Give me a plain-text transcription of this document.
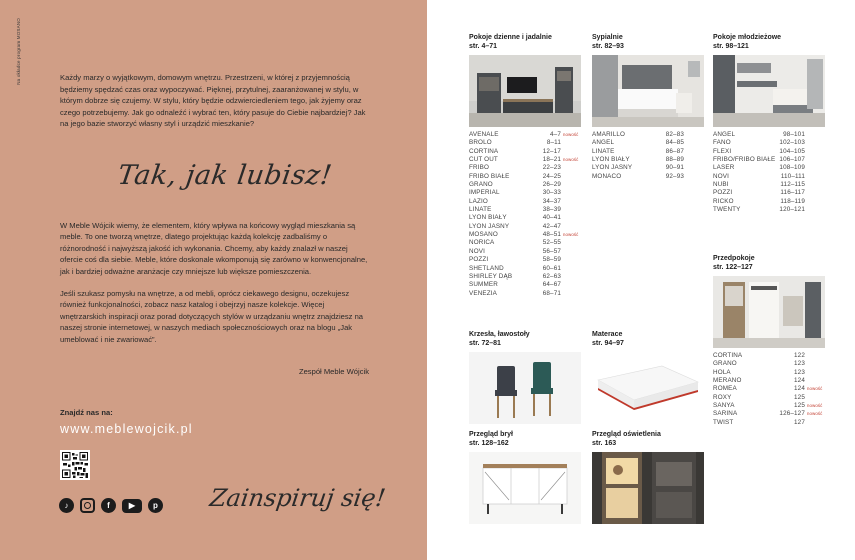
Na okładce program MOSANO	Każdy marzy o wyjątkowym, domowym wnętrzu. Przestrzeni, w której z przyjemnością będziemy spędzać czas oraz wypoczywać. Pięknej, przytulnej, zaaranżowanej w stylu, w którym dobrze się czujemy. W stylu, który będzie odzwierciedleniem tego, jak żyjemy oraz czego potrzebujemy. Jak go odnaleźć i wybrać ten, który pasuje do Ciebie najbardziej? Jak na jego bazie stworzyć własny styl i urządzić mieszkanie?

Tak, jak lubisz!

W Meble Wójcik wiemy, że elementem, który wpływa na końcowy wygląd mieszkania są meble. To one tworzą wnętrze, dlatego projektując każdą kolekcję zadbaliśmy o różnorodność i najwyższą jakość ich wykonania. Chcemy, aby każdy znalazł w naszej ofercie coś dla siebie. Meble, które doskonale wkomponują się zarówno w konwencjonalne, jak i bardziej odważne aranżacje czy mniejsze lub większe pomieszczenia.

Jeśli szukasz pomysłu na wnętrze, a od mebli, oprócz ciekawego designu, oczekujesz również funkcjonalności, zobacz nasz katalog i obejrzyj nasze kolekcje. Więcej wnętrzarskich inspiracji oraz porad dotyczących stylów w urządzaniu wnętrz znajdziesz na naszej stronie internetowej, w naszych mediach społecznościowych oraz na blogu „Jak umeblować i nie zwariować”.

Zespół Meble Wójcik
Znajdź nas na:
www.meblewojcik.pl
♪	f	▶	p Zainspiruj się!
Pokoje dzienne i jadalnie
str. 4–71
AVENALE	4–7 nowość
BROLO	8–11
CORTINA	12–17
CUT OUT	18–21 nowość
FRIBO	22–23
FRIBO BIAŁE	24–25
GRANO	26–29
IMPERIAL	30–33
LAZIO	34–37
LINATE	38–39
LYON BIAŁY	40–41
LYON JASNY	42–47
MOSANO	48–51 nowość
NORICA	52–55
NOVI	56–57
POZZI	58–59
SHETLAND	60–61
SHIRLEY DĄB	62–63
SUMMER	64–67
VENEZIA	68–71
Sypialnie
str. 82–93
AMARILLO	82–83
ANGEL	84–85
LINATE	86–87
LYON BIAŁY	88–89
LYON JASNY	90–91
MONACO	92–93
Pokoje młodzieżowe
str. 98–121
ANGEL	98–101
FANO	102–103
FLEXI	104–105
FRIBO/FRIBO BIAŁE 106–107
LASER	108–109
NOVI	110–111
NUBI	112–115
POZZI	116–117
RICKO	118–119
TWENTY	120–121
Przedpokoje
str. 122–127
CORTINA	122
GRANO	123
HOLA	123
MERANO	124
ROMEA	124 nowość
ROXY	125
SANYA	125 nowość
SARINA	126–127 nowość
TWIST	127
Krzesła, ławostoły
str. 72–81
Materace
str. 94–97
Przegląd brył
str. 128–162
Przegląd oświetlenia
str. 163
